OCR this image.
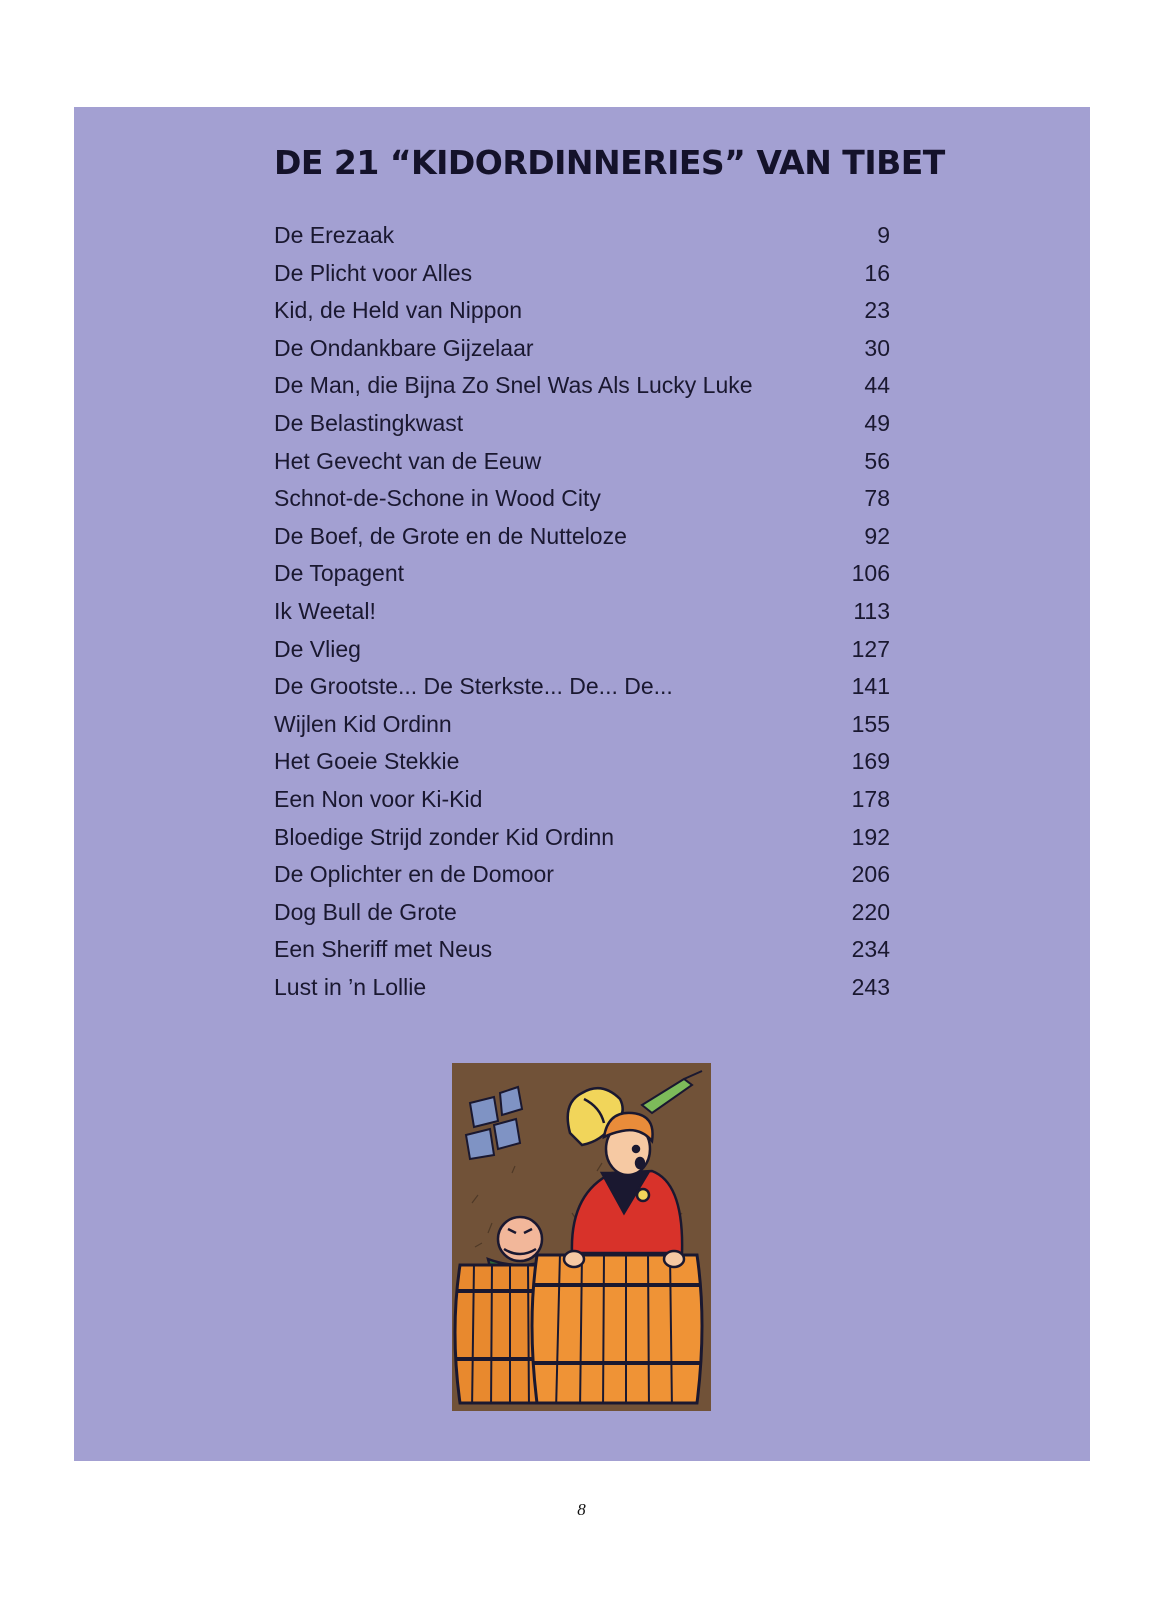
DE 21 “KIDORDINNERIES” VAN TIBET
De Erezaak	9
De Plicht voor Alles	16
Kid, de Held van Nippon	23
De Ondankbare Gijzelaar	30
De Man, die Bijna Zo Snel Was Als Lucky Luke	44
De Belastingkwast	49
Het Gevecht van de Eeuw	56
Schnot-de-Schone in Wood City	78
De Boef, de Grote en de Nutteloze	92
De Topagent	106
Ik Weetal!	113
De Vlieg	127
De Grootste... De Sterkste... De... De...	141
Wijlen Kid Ordinn	155
Het Goeie Stekkie	169
Een Non voor Ki-Kid	178
Bloedige Strijd zonder Kid Ordinn	192
De Oplichter en de Domoor	206
Dog Bull de Grote	220
Een Sheriff met Neus	234
Lust in ’n Lollie	243
8
